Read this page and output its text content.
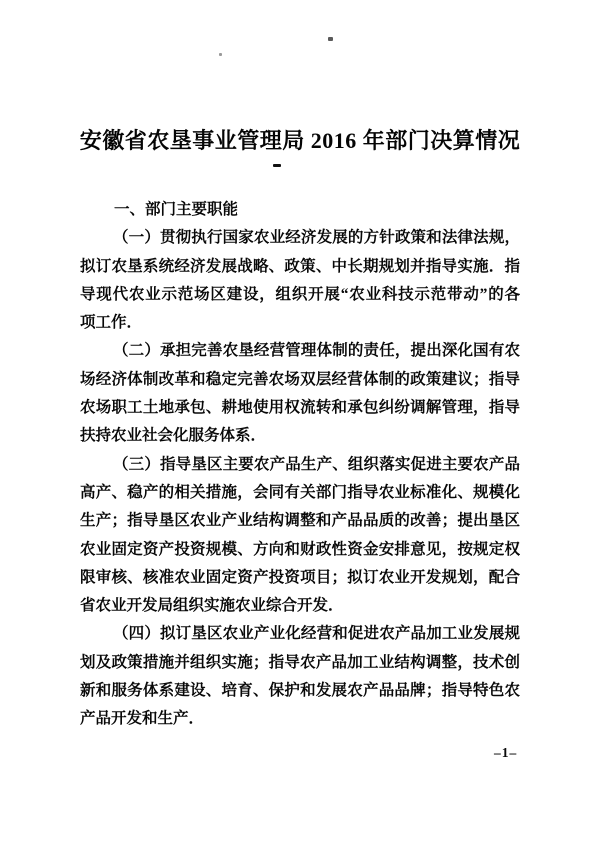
安徽省农垦事业管理局 2016 年部门决算情况
一、部门主要职能
（一）贯彻执行国家农业经济发展的方针政策和法律法规，
拟订农垦系统经济发展战略、政策、中长期规划并指导实施．指
导现代农业示范场区建设，组织开展“农业科技示范带动”的各
项工作．
（二）承担完善农垦经营管理体制的责任，提出深化国有农
场经济体制改革和稳定完善农场双层经营体制的政策建议；指导
农场职工土地承包、耕地使用权流转和承包纠纷调解管理，指导
扶持农业社会化服务体系．
（三）指导垦区主要农产品生产、组织落实促进主要农产品
高产、稳产的相关措施，会同有关部门指导农业标准化、规模化
生产；指导垦区农业产业结构调整和产品品质的改善；提出垦区
农业固定资产投资规模、方向和财政性资金安排意见，按规定权
限审核、核准农业固定资产投资项目；拟订农业开发规划，配合
省农业开发局组织实施农业综合开发．
（四）拟订垦区农业产业化经营和促进农产品加工业发展规
划及政策措施并组织实施；指导农产品加工业结构调整，技术创
新和服务体系建设、培育、保护和发展农产品品牌；指导特色农
产品开发和生产．
–1–
